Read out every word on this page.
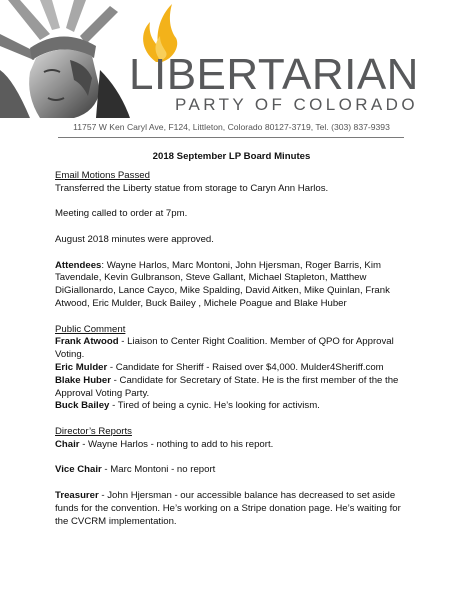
LIBERTARIAN
PARTY OF COLORADO
11757 W Ken Caryl Ave, F124, Littleton, Colorado 80127-3719, Tel. (303) 837-9393
2018 September LP Board Minutes

Email Motions Passed

Transferred the Liberty statue from storage to Caryn Ann Harlos.

Meeting called to order at 7pm.

August 2018 minutes were approved.

Attendees: Wayne Harlos, Marc Montoni, John Hjersman, Roger Barris, Kim Tavendale, Kevin Gulbranson, Steve Gallant, Michael Stapleton, Matthew DiGiallonardo, Lance Cayco, Mike Spalding, David Aitken, Mike Quinlan, Frank Atwood, Eric Mulder, Buck Bailey , Michele Poague and Blake Huber

Public Comment

Frank Atwood - Liaison to Center Right Coalition. Member of QPO for Approval Voting.

Eric Mulder - Candidate for Sheriff - Raised over $4,000. Mulder4Sheriff.com

Blake Huber - Candidate for Secretary of State. He is the first member of the the Approval Voting Party.

Buck Bailey - Tired of being a cynic. He’s looking for activism.

Director’s Reports

Chair - Wayne Harlos - nothing to add to his report.

Vice Chair - Marc Montoni - no report

Treasurer - John Hjersman - our accessible balance has decreased to set aside funds for the convention. He’s working on a Stripe donation page. He’s waiting for the CVCRM implementation.
